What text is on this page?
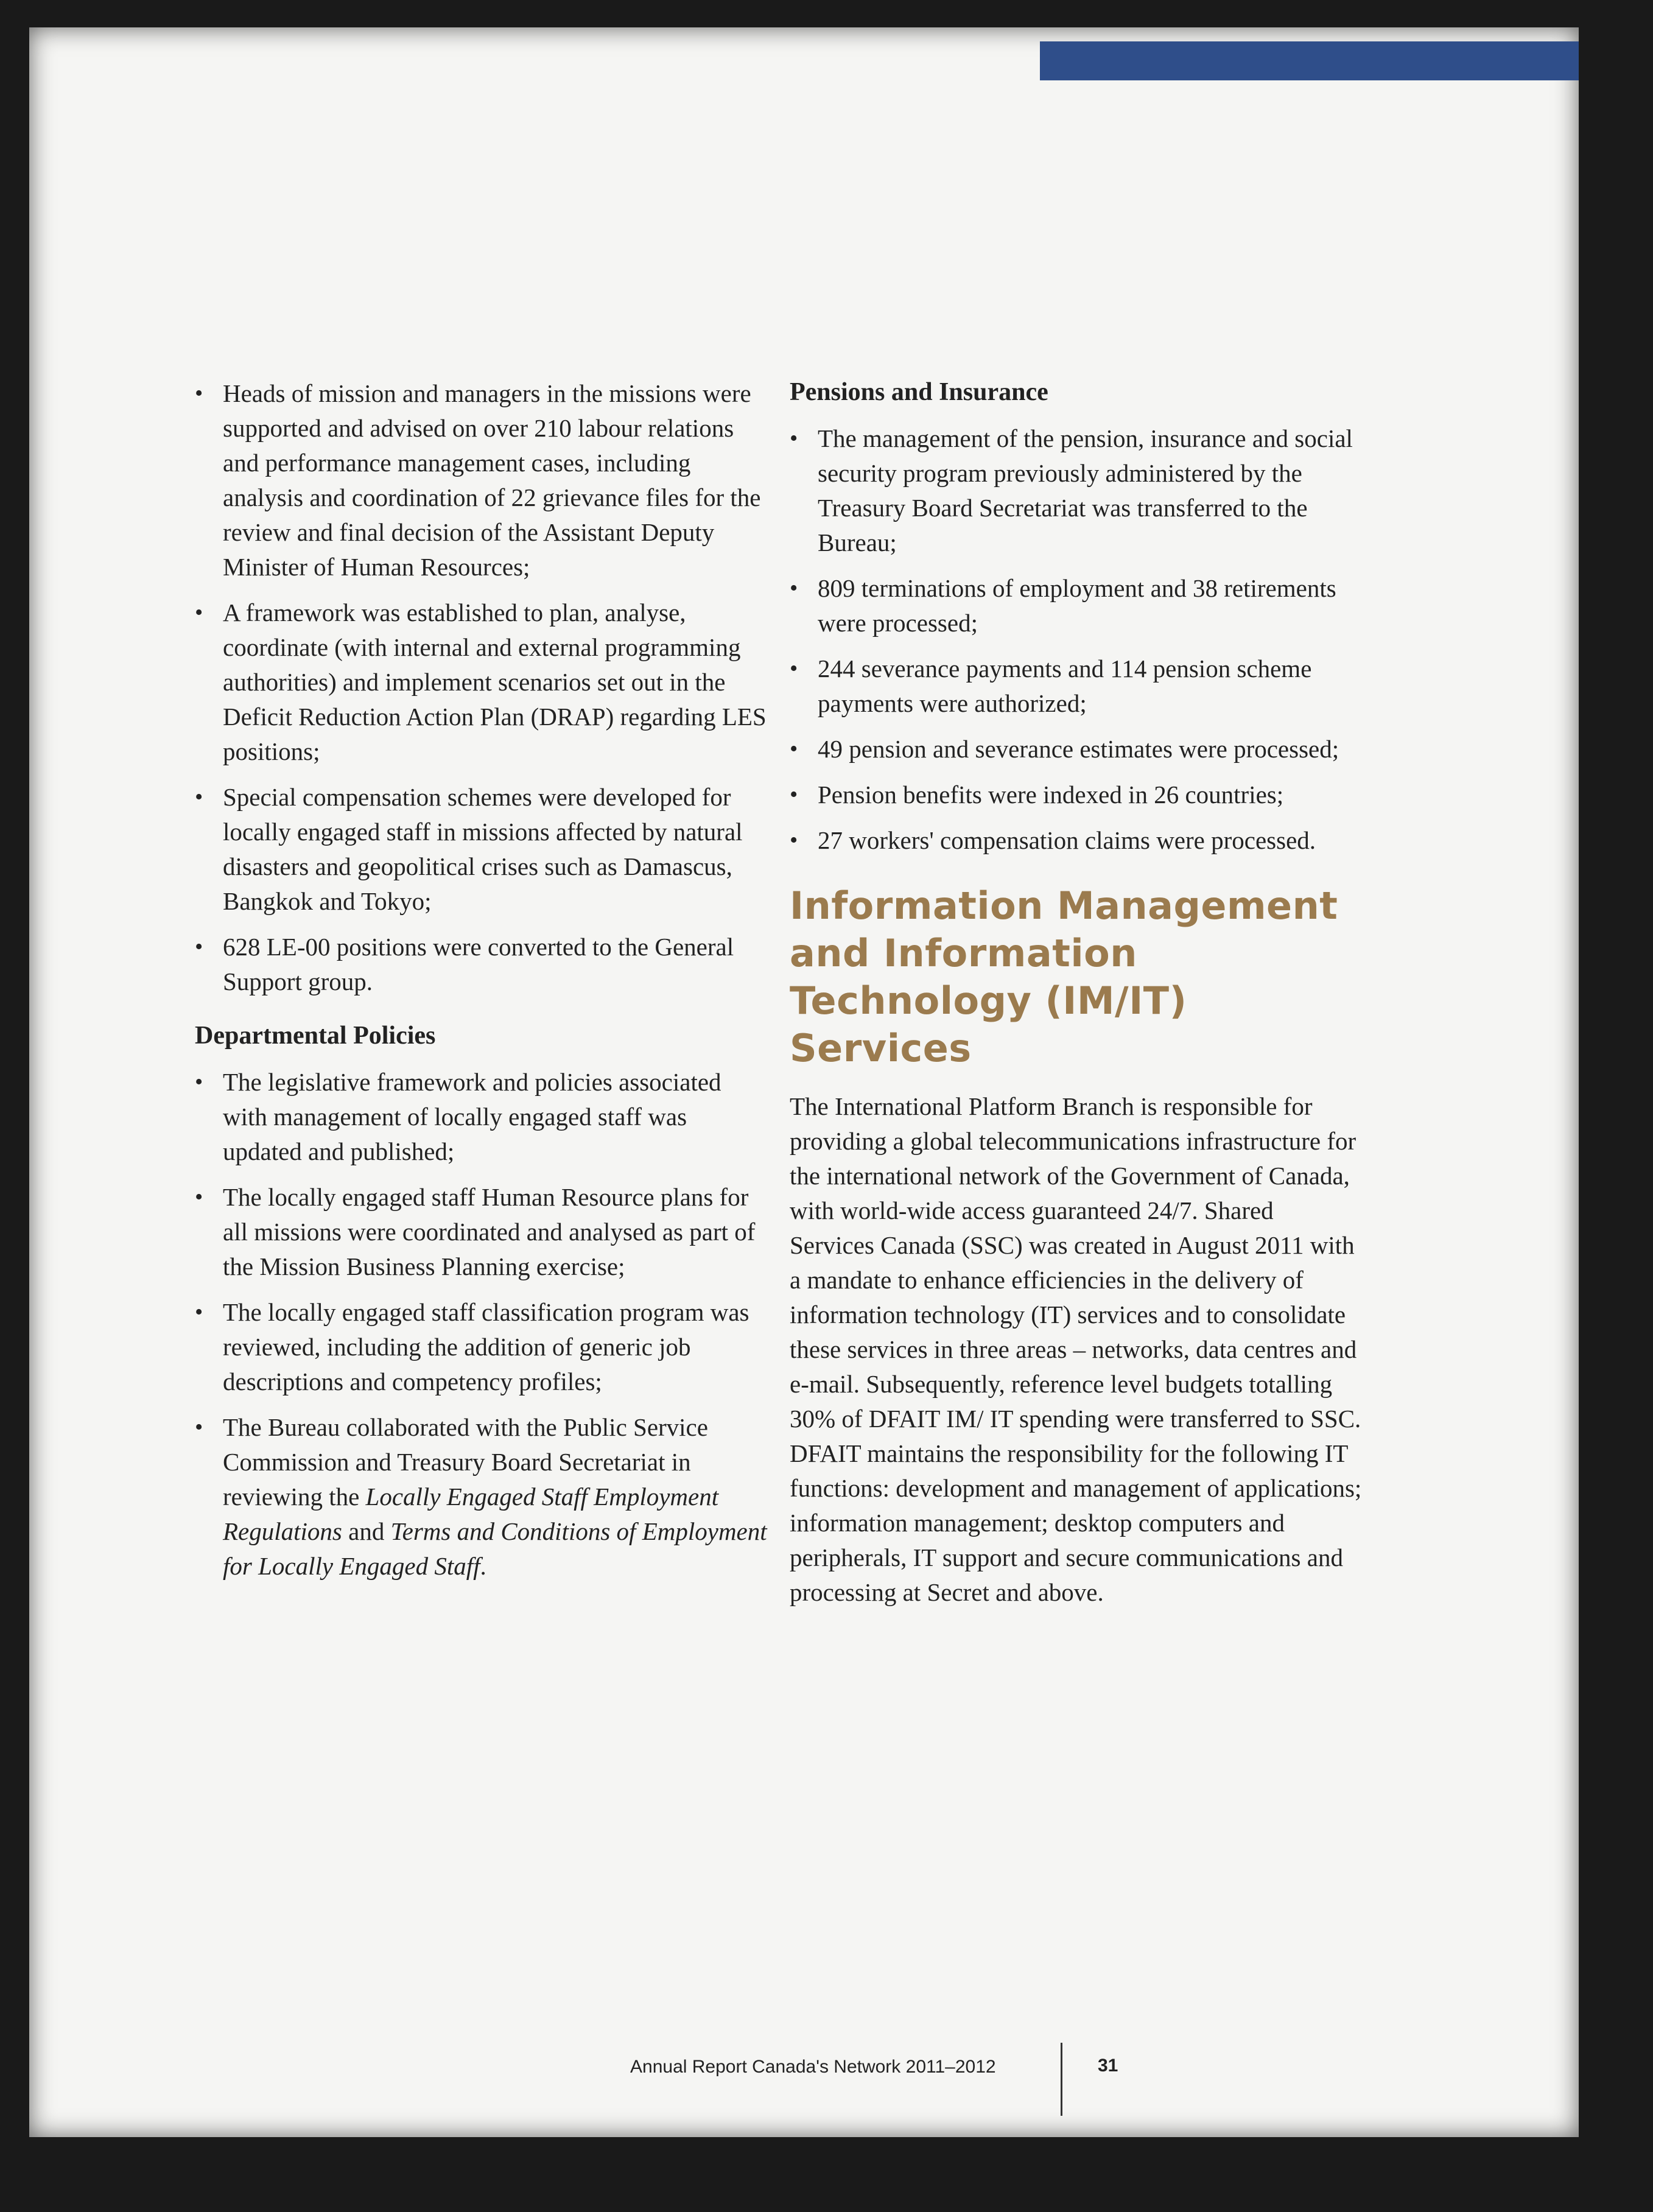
• Heads of mission and managers in the missions were supported and advised on over 210 labour relations and performance management cases, including analysis and coordination of 22 grievance files for the review and final decision of the Assistant Deputy Minister of Human Resources;
• A framework was established to plan, analyse, coordinate (with internal and external programming authorities) and implement scenarios set out in the Deficit Reduction Action Plan (DRAP) regarding LES positions;
• Special compensation schemes were developed for locally engaged staff in missions affected by natural disasters and geopolitical crises such as Damascus, Bangkok and Tokyo;
• 628 LE-00 positions were converted to the General Support group.
Departmental Policies
• The legislative framework and policies associated with management of locally engaged staff was updated and published;
• The locally engaged staff Human Resource plans for all missions were coordinated and analysed as part of the Mission Business Planning exercise;
• The locally engaged staff classification program was reviewed, including the addition of generic job descriptions and competency profiles;
• The Bureau collaborated with the Public Service Commission and Treasury Board Secretariat in reviewing the Locally Engaged Staff Employment Regulations and Terms and Conditions of Employment for Locally Engaged Staff.
Pensions and Insurance
• The management of the pension, insurance and social security program previously administered by the Treasury Board Secretariat was transferred to the Bureau;
• 809 terminations of employment and 38 retirements were processed;
• 244 severance payments and 114 pension scheme payments were authorized;
• 49 pension and severance estimates were processed;
• Pension benefits were indexed in 26 countries;
• 27 workers' compensation claims were processed.
Information Management and Information Technology (IM/IT) Services

The International Platform Branch is responsible for providing a global telecommunications infrastructure for the international network of the Government of Canada, with world-wide access guaranteed 24/7. Shared Services Canada (SSC) was created in August 2011 with a mandate to enhance efficiencies in the delivery of information technology (IT) services and to consolidate these services in three areas – networks, data centres and e-mail. Subsequently, reference level budgets totalling 30% of DFAIT IM/ IT spending were transferred to SSC. DFAIT maintains the responsibility for the following IT functions: development and management of applications; information management; desktop computers and peripherals, IT support and secure communications and processing at Secret and above.

Annual Report Canada's Network 2011–2012	31
